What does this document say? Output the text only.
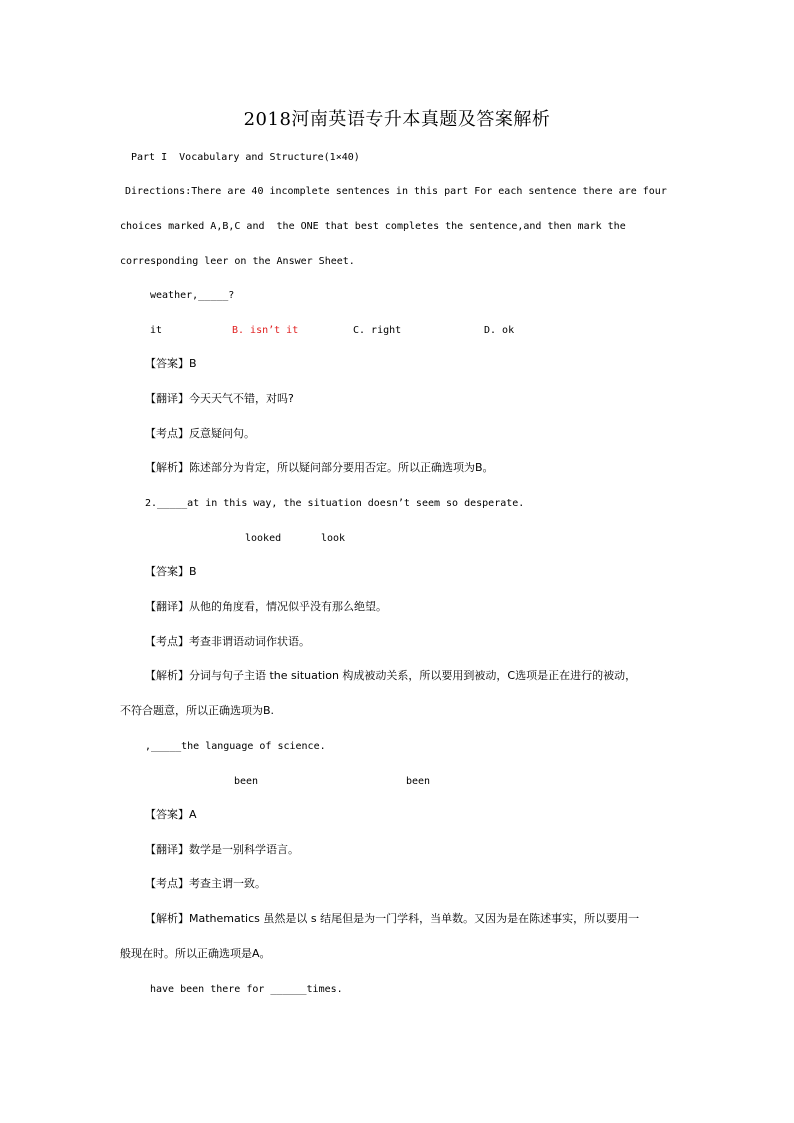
2018河南英语专升本真题及答案解析
Part I  Vocabulary and Structure(1×40)
Directions:There are 40 incomplete sentences in this part For each sentence there are four
choices marked A,B,C and  the ONE that best completes the sentence,and then mark the
corresponding leer on the Answer Sheet.
weather,_____?
it	B. isn’t it	C. right	D. ok
【答案】B
【翻译】今天天气不错，对吗?
【考点】反意疑问句。
【解析】陈述部分为肯定，所以疑问部分要用否定。所以正确选项为B。
2._____at in this way, the situation doesn’t seem so desperate.
looked	look
【答案】B
【翻译】从他的角度看，情况似乎没有那么绝望。
【考点】考查非谓语动词作状语。
【解析】分词与句子主语 the situation 构成被动关系，所以要用到被动，C选项是正在进行的被动，
不符合题意，所以正确选项为B.
,_____the language of science.
been	been
【答案】A
【翻译】数学是一别科学语言。
【考点】考查主谓一致。
【解析】Mathematics 虽然是以 s 结尾但是为一门学科，当单数。又因为是在陈述事实，所以要用一
般现在时。所以正确选项是A。
have been there for ______times.
